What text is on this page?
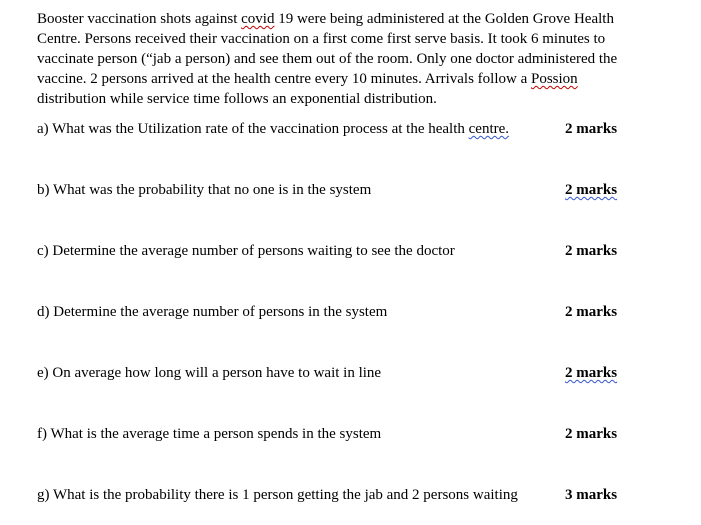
Booster vaccination shots against covid 19 were being administered at the Golden Grove Health
Centre. Persons received their vaccination on a first come first serve basis. It took 6 minutes to
vaccinate person (“jab a person) and see them out of the room. Only one doctor administered the
vaccine. 2 persons arrived at the health centre every 10 minutes. Arrivals follow a Possion
distribution while service time follows an exponential distribution.
a) What was the Utilization rate of the vaccination process at the health centre.	2 marks
b) What was the probability that no one is in the system	2 marks
c) Determine the average number of persons waiting to see the doctor	2 marks
d) Determine the average number of persons in the system	2 marks
e) On average how long will a person have to wait in line	2 marks
f) What is the average time a person spends in the system	2 marks
g) What is the probability there is 1 person getting the jab and 2 persons waiting	3 marks
